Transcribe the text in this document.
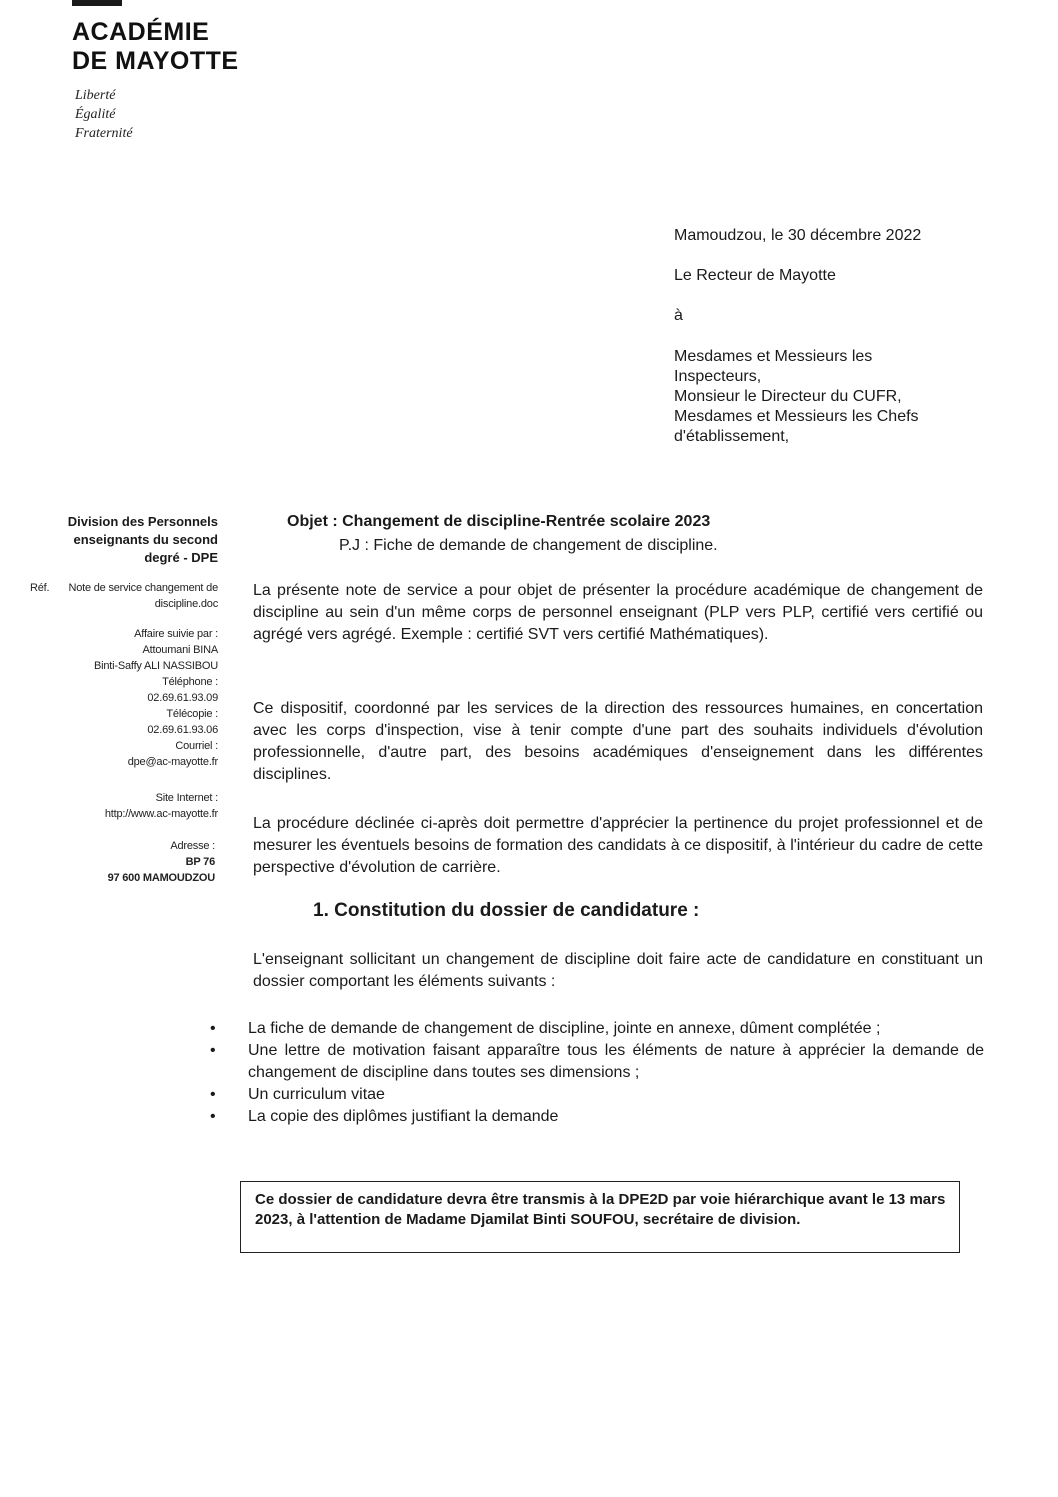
ACADÉMIE
DE MAYOTTE
Liberté
Égalité
Fraternité
Mamoudzou, le 30 décembre 2022
Le Recteur de Mayotte
à
Mesdames et Messieurs les
Inspecteurs,
Monsieur le Directeur du CUFR,
Mesdames et Messieurs les Chefs
d'établissement,
Division des Personnels
enseignants du second
degré - DPE
Réf.	Note de service changement de
discipline.doc
Affaire suivie par :
Attoumani BINA
Binti-Saffy ALI NASSIBOU
Téléphone :
02.69.61.93.09
Télécopie :
02.69.61.93.06
Courriel :
dpe@ac-mayotte.fr
Site Internet :
http://www.ac-mayotte.fr
Adresse :
BP 76
97 600 MAMOUDZOU
Objet : Changement de discipline-Rentrée scolaire 2023
P.J : Fiche de demande de changement de discipline.
La présente note de service a pour objet de présenter la procédure académique de changement de discipline au sein d'un même corps de personnel enseignant (PLP vers PLP, certifié vers certifié ou agrégé vers agrégé. Exemple : certifié SVT vers certifié Mathématiques).
Ce dispositif, coordonné par les services de la direction des ressources humaines, en concertation avec les corps d'inspection, vise à tenir compte d'une part des souhaits individuels d'évolution professionnelle, d'autre part, des besoins académiques d'enseignement dans les différentes disciplines.
La procédure déclinée ci-après doit permettre d'apprécier la pertinence du projet professionnel et de mesurer les éventuels besoins de formation des candidats à ce dispositif, à l'intérieur du cadre de cette perspective d'évolution de carrière.
1. Constitution du dossier de candidature :
L'enseignant sollicitant un changement de discipline doit faire acte de candidature en constituant un dossier comportant les éléments suivants :
• La fiche de demande de changement de discipline, jointe en annexe, dûment complétée ;
• Une lettre de motivation faisant apparaître tous les éléments de nature à apprécier la demande de changement de discipline dans toutes ses dimensions ;
• Un curriculum vitae
• La copie des diplômes justifiant la demande
Ce dossier de candidature devra être transmis à la DPE2D par voie hiérarchique avant le 13 mars 2023, à l'attention de Madame Djamilat Binti SOUFOU, secrétaire de division.
